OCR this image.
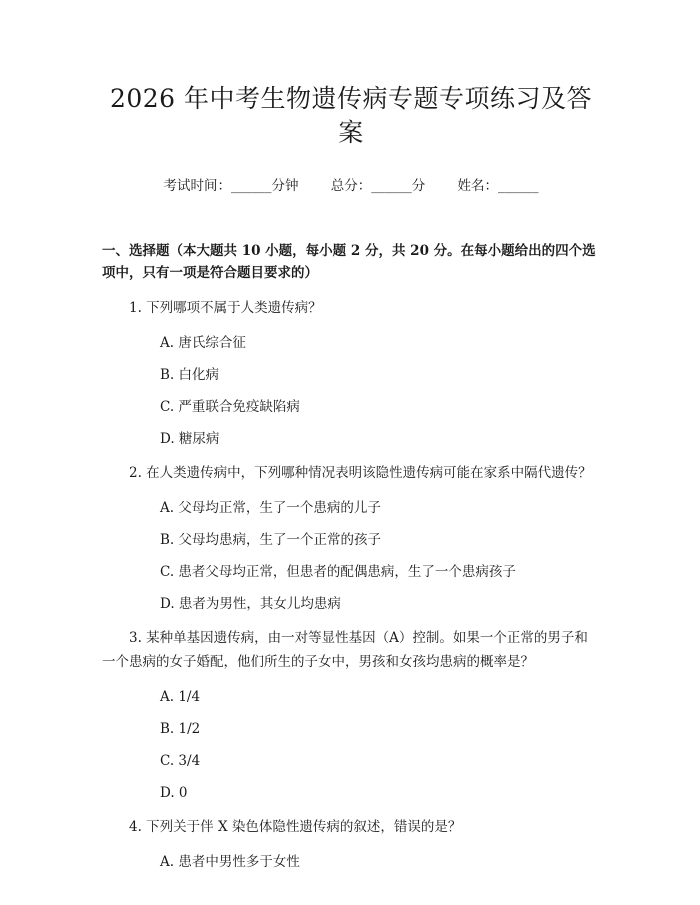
2026 年中考生物遗传病专题专项练习及答案
考试时间：______分钟 总分：______分 姓名：______
一、选择题（本大题共 10 小题，每小题 2 分，共 20 分。在每小题给出的四个选项中，只有一项是符合题目要求的）
1. 下列哪项不属于人类遗传病？
A. 唐氏综合征
B. 白化病
C. 严重联合免疫缺陷病
D. 糖尿病
2. 在人类遗传病中，下列哪种情况表明该隐性遗传病可能在家系中隔代遗传？
A. 父母均正常，生了一个患病的儿子
B. 父母均患病，生了一个正常的孩子
C. 患者父母均正常，但患者的配偶患病，生了一个患病孩子
D. 患者为男性，其女儿均患病
3. 某种单基因遗传病，由一对等显性基因（A）控制。如果一个正常的男子和一个患病的女子婚配，他们所生的子女中，男孩和女孩均患病的概率是？
A. 1/4
B. 1/2
C. 3/4
D. 0
4. 下列关于伴 X 染色体隐性遗传病的叙述，错误的是？
A. 患者中男性多于女性
